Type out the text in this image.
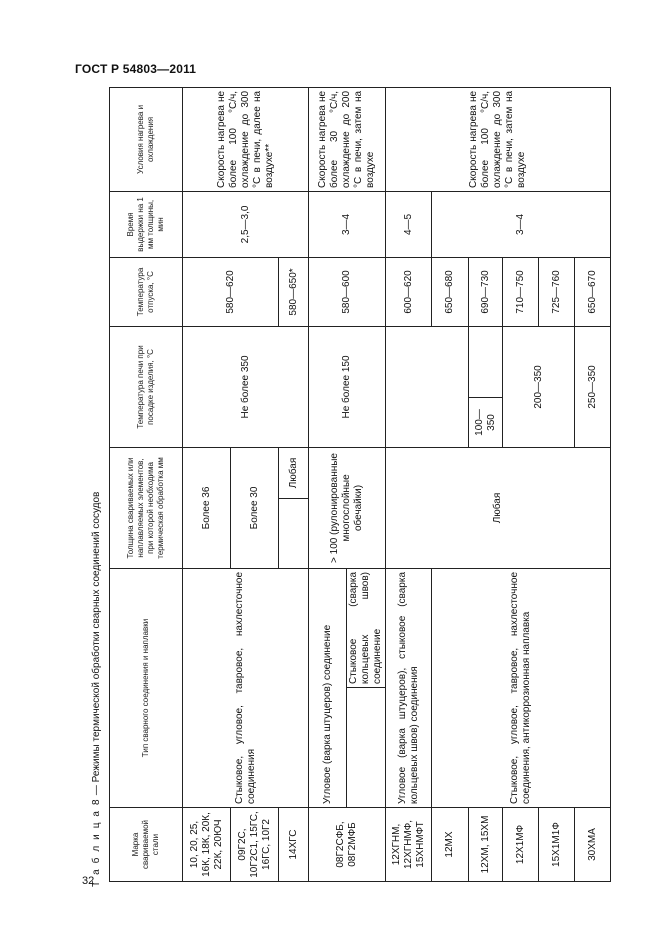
ГОСТ Р 54803—2011
Т а б л и ц а 8 — Режимы термической обработки сварных соединений сосудов
Марка свариваемой стали	Тип сварного соединения и наплавки		Толщина свариваемых или наплавляемых элементов, при которой необходима термическая обработка мм		Температура печи при посадке изделия, °С		Температура отпуска, °С	Время выдержки на 1 мм толщины, мин	Условия нагрева и охлаждения
10, 20, 25, 16К, 18К, 20К, 22К, 20ЮЧ	Стыковое, угловое, тавровое, нахлесточное соединения		Более 36		Не более 350		580—620	2,5—3,0	Скорость нагрева не более 100 °С/ч, охлаждение до 300 °С в печи, далее на воздухе**
09Г2С, 10Г2С1, 15ГС, 16ГС, 10Г2			Более 30						
14ХГС				Любая			580—650*		
08Г2СФБ, 08Г2МФБ	Угловое (варка штуцеров) соединение		> 100 (рулонированные многослойные обечайки)		Не более 150		580—600	3—4	Скорость нагрева не более 30 °С/ч, охлаждение до 200 °С в печи, затем на воздухе
		Стыковое (сварка кольцевых швов) соединение							
12ХГНМ, 12ХГНМФ, 15ХНМФТ	Угловое (варка штуцеров), стыковое (сварка кольцевых швов) соединения		Любая				600—620	4—5	Скорость нагрева не более 100 °С/ч, охлаждение до 300 °С в печи, затем на воздухе
12МХ	Стыковое, угловое, тавровое, нахлесточное соединения, антикоррозионная наплавка						650—680	3—4	
12ХМ, 15ХМ					100—350		690—730		
12Х1МФ					200—350		710—750		
15Х1М1Ф							725—760		
30ХМА					250—350		650—670		
32
